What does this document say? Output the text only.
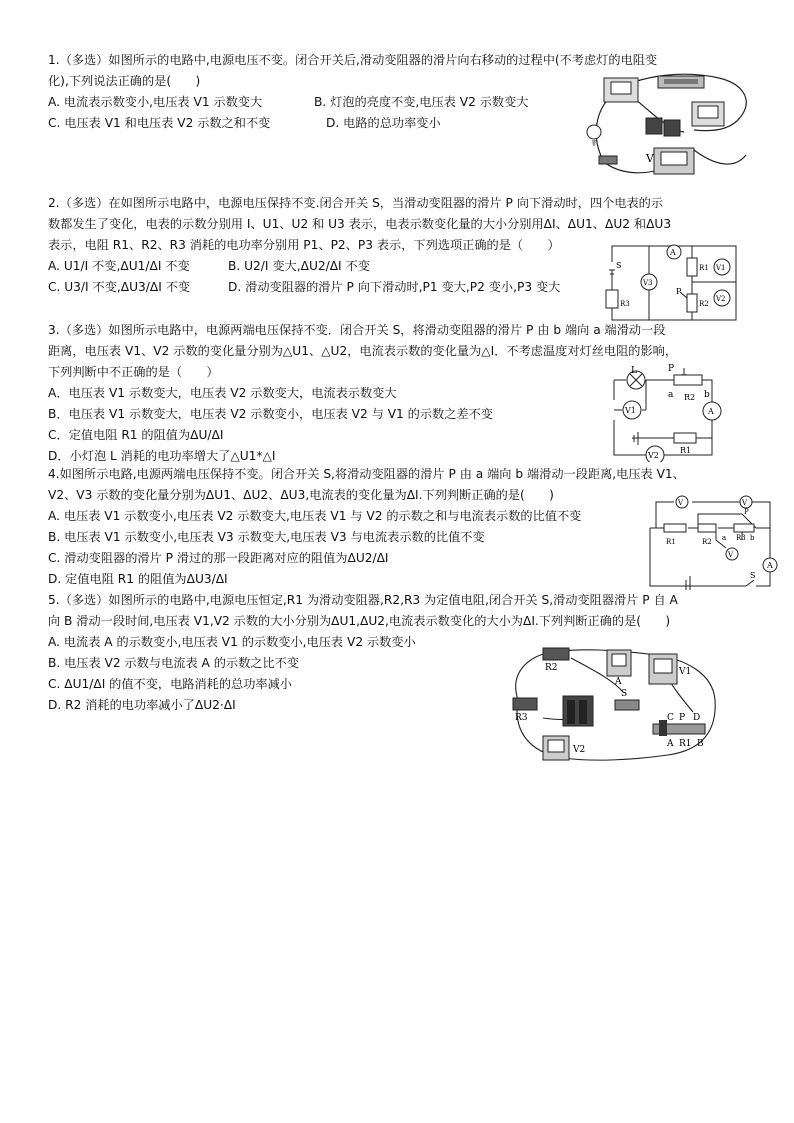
1.（多选）如图所示的电路中,电源电压不变。闭合开关后,滑动变阻器的滑片向右移动的过程中(不考虑灯的电阻变
化),下列说法正确的是(　　)
A. 电流表示数变小,电压表 V1 示数变大	B. 灯泡的亮度不变,电压表 V2 示数变大
C. 电压表 V1 和电压表 V2 示数之和不变	D. 电路的总功率变小
V
2.（多选）在如图所示电路中，电源电压保持不变.闭合开关 S，当滑动变阻器的滑片 P 向下滑动时，四个电表的示
数都发生了变化，电表的示数分别用 I、U1、U2 和 U3 表示，电表示数变化量的大小分别用ΔI、ΔU1、ΔU2 和ΔU3
表示，电阻 R1、R2、R3 消耗的电功率分别用 P1、P2、P3 表示，下列选项正确的是（　　）
A. U1/I 不变,ΔU1/ΔI 不变	B. U2/I 变大,ΔU2/ΔI 不变
C. U3/I 不变,ΔU3/ΔI 不变	D. 滑动变阻器的滑片 P 向下滑动时,P1 变大,P2 变小,P3 变大
S
A
V3
R1
R2
R3
V1
V2
P
3.（多选）如图所示电路中，电源两端电压保持不变．闭合开关 S，将滑动变阻器的滑片 P 由 b 端向 a 端滑动一段
距离，电压表 V1、V2 示数的变化量分别为△U1、△U2，电流表示数的变化量为△I．不考虑温度对灯丝电阻的影响，
下列判断中不正确的是（　　）
A．电压表 V1 示数变大，电压表 V2 示数变大，电流表示数变大
B．电压表 V1 示数变大，电压表 V2 示数变小，电压表 V2 与 V1 的示数之差不变
C．定值电阻 R1 的阻值为ΔU/ΔI
D．小灯泡 L 消耗的电功率增大了△U1*△I
L	P
a	b
R2
R1
V1
V2
A
4.如图所示电路,电源两端电压保持不变。闭合开关 S,将滑动变阻器的滑片 P 由 a 端向 b 端滑动一段距离,电压表 V1、
V2、V3 示数的变化量分别为ΔU1、ΔU2、ΔU3,电流表的变化量为ΔI.下列判断正确的是(　　)
A. 电压表 V1 示数变小,电压表 V2 示数变大,电压表 V1 与 V2 的示数之和与电流表示数的比值不变
B. 电压表 V1 示数变小,电压表 V3 示数变大,电压表 V3 与电流表示数的比值不变
C. 滑动变阻器的滑片 P 滑过的那一段距离对应的阻值为ΔU2/ΔI
D. 定值电阻 R1 的阻值为ΔU3/ΔI
V	V
V
R1	R2	R3
P
a	b
A
S
5.（多选）如图所示的电路中,电源电压恒定,R1 为滑动变阻器,R2,R3 为定值电阻,闭合开关 S,滑动变阻器滑片 P 自 A
向 B 滑动一段时间,电压表 V1,V2 示数的大小分别为ΔU1,ΔU2,电流表示数变化的大小为ΔI.下列判断正确的是(　　)
A. 电流表 A 的示数变小,电压表 V1 的示数变小,电压表 V2 示数变小
B. 电压表 V2 示数与电流表 A 的示数之比不变
C. ΔU1/ΔI 的值不变，电路消耗的总功率减小
D. R2 消耗的电功率减小了ΔU2·ΔI
R2
A
V1
S
R3	C P D
A R1 B
V2
